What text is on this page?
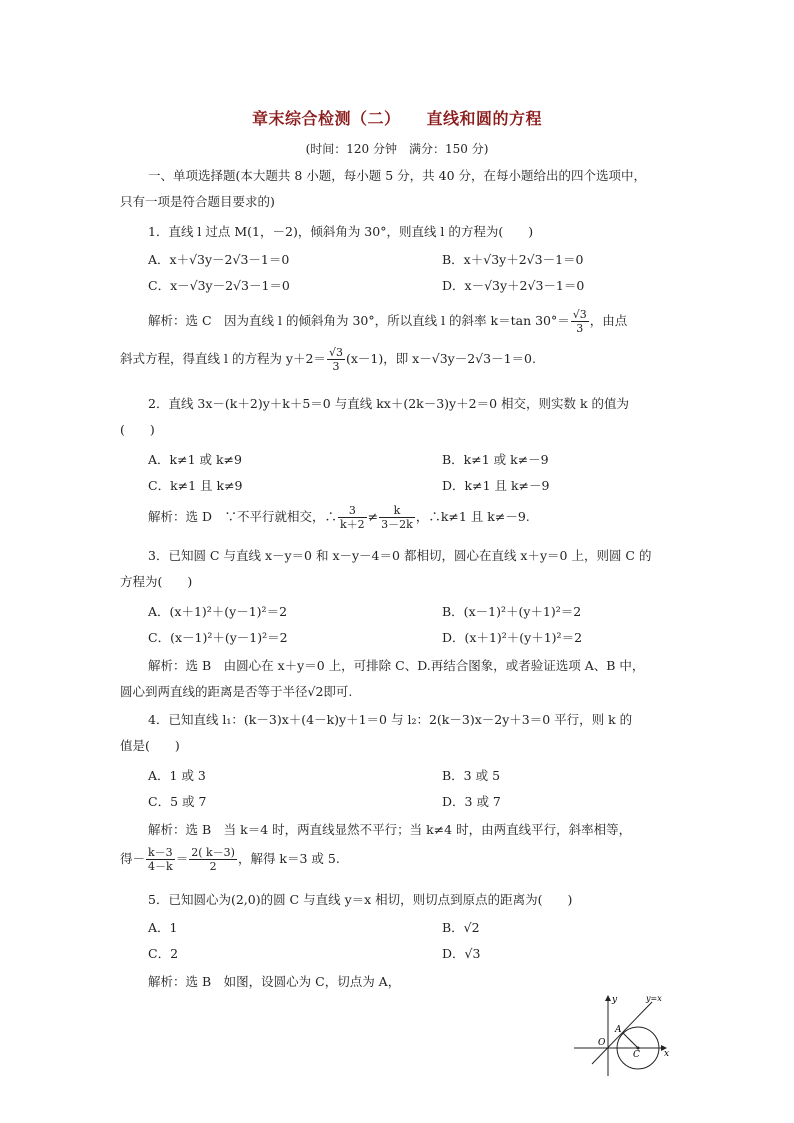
章末综合检测（二） 直线和圆的方程
(时间：120 分钟　满分：150 分)
一、单项选择题(本大题共 8 小题，每小题 5 分，共 40 分，在每小题给出的四个选项中，
只有一项是符合题目要求的)
1．直线 l 过点 M(1，－2)，倾斜角为 30°，则直线 l 的方程为(　　)
A．x＋√3y－2√3－1＝0	B．x＋√3y＋2√3－1＝0
C．x－√3y－2√3－1＝0	D．x－√3y＋2√3－1＝0
解析：选 C　因为直线 l 的倾斜角为 30°，所以直线 l 的斜率 k＝tan $30^\circ= \frac{√3}{3}$ ，由点
斜式方程，得直线 l 的方程为 $y+2= \frac{√3}{3} (x-1)$，即 x－√3y－2√3－1＝0.
2．直线 3x－(k＋2)y＋k＋5＝0 与直线 kx＋(2k－3)y＋2＝0 相交，则实数 k 的值为
(　　)
A．k≠1 或 k≠9	B．k≠1 或 k≠－9
C．k≠1 且 k≠9	D．k≠1 且 k≠－9
解析：选 D　∵不平行就相交，∴ $\frac{3}{k+2} \ne \frac{k}{3-2k}$ ，∴k≠1 且 k≠－9.
3．已知圆 C 与直线 x－y＝0 和 x－y－4＝0 都相切，圆心在直线 x＋y＝0 上，则圆 C 的
方程为(　　)
A．(x＋1)²＋(y－1)²＝2	B．(x－1)²＋(y＋1)²＝2
C．(x－1)²＋(y－1)²＝2	D．(x＋1)²＋(y＋1)²＝2
解析：选 B　由圆心在 x＋y＝0 上，可排除 C、D.再结合图象，或者验证选项 A、B 中，
圆心到两直线的距离是否等于半径√2即可.
4．已知直线 l₁：(k－3)x＋(4－k)y＋1＝0 与 l₂：2(k－3)x－2y＋3＝0 平行，则 k 的
值是(　　)
A．1 或 3	B．3 或 5
C．5 或 7	D．3 或 7
解析：选 B　当 k＝4 时，两直线显然不平行；当 k≠4 时，由两直线平行，斜率相等，
得－ $\frac{k-3}{4-k} = \frac{2( k-3)}{2}$ ，解得 k＝3 或 5.
5．已知圆心为(2,0)的圆 C 与直线 y＝x 相切，则切点到原点的距离为(　　)
A．1	B．√2
C．2	D．√3
解析：选 B　如图，设圆心为 C，切点为 A，
y	y=x
x
O
A
C
